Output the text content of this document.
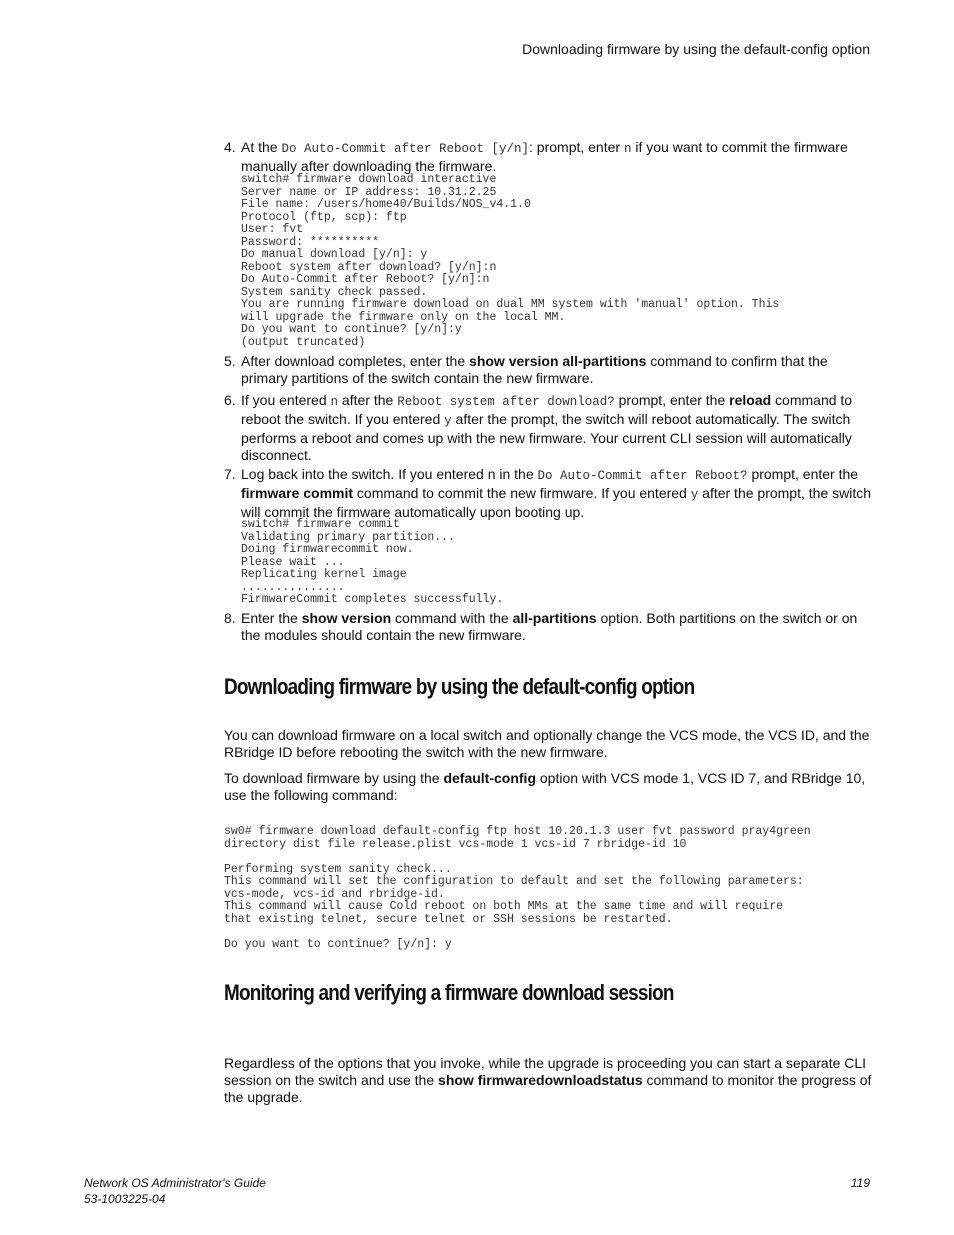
Downloading firmware by using the default-config option
4. At the Do Auto-Commit after Reboot [y/n]: prompt, enter n if you want to commit the firmware manually after downloading the firmware.
switch# firmware download interactive
Server name or IP address: 10.31.2.25
File name: /users/home40/Builds/NOS_v4.1.0
Protocol (ftp, scp): ftp
User: fvt
Password: **********
Do manual download [y/n]: y
Reboot system after download? [y/n]:n
Do Auto-Commit after Reboot? [y/n]:n
System sanity check passed.
You are running firmware download on dual MM system with 'manual' option. This
will upgrade the firmware only on the local MM.
Do you want to continue? [y/n]:y
(output truncated)
5. After download completes, enter the show version all-partitions command to confirm that the primary partitions of the switch contain the new firmware.
6. If you entered n after the Reboot system after download? prompt, enter the reload command to reboot the switch. If you entered y after the prompt, the switch will reboot automatically. The switch performs a reboot and comes up with the new firmware. Your current CLI session will automatically disconnect.
7. Log back into the switch. If you entered n in the Do Auto-Commit after Reboot? prompt, enter the firmware commit command to commit the new firmware. If you entered y after the prompt, the switch will commit the firmware automatically upon booting up.
switch# firmware commit
Validating primary partition...
Doing firmwarecommit now.
Please wait ...
Replicating kernel image
...............
FirmwareCommit completes successfully.
8. Enter the show version command with the all-partitions option. Both partitions on the switch or on the modules should contain the new firmware.
Downloading firmware by using the default-config option
You can download firmware on a local switch and optionally change the VCS mode, the VCS ID, and the RBridge ID before rebooting the switch with the new firmware.
To download firmware by using the default-config option with VCS mode 1, VCS ID 7, and RBridge 10, use the following command:
sw0# firmware download default-config ftp host 10.20.1.3 user fvt password pray4green
directory dist file release.plist vcs-mode 1 vcs-id 7 rbridge-id 10

Performing system sanity check...
This command will set the configuration to default and set the following parameters:
vcs-mode, vcs-id and rbridge-id.
This command will cause Cold reboot on both MMs at the same time and will require
that existing telnet, secure telnet or SSH sessions be restarted.

Do you want to continue? [y/n]: y
Monitoring and verifying a firmware download session
Regardless of the options that you invoke, while the upgrade is proceeding you can start a separate CLI session on the switch and use the show firmwaredownloadstatus command to monitor the progress of the upgrade.
Network OS Administrator's Guide
53-1003225-04
119
